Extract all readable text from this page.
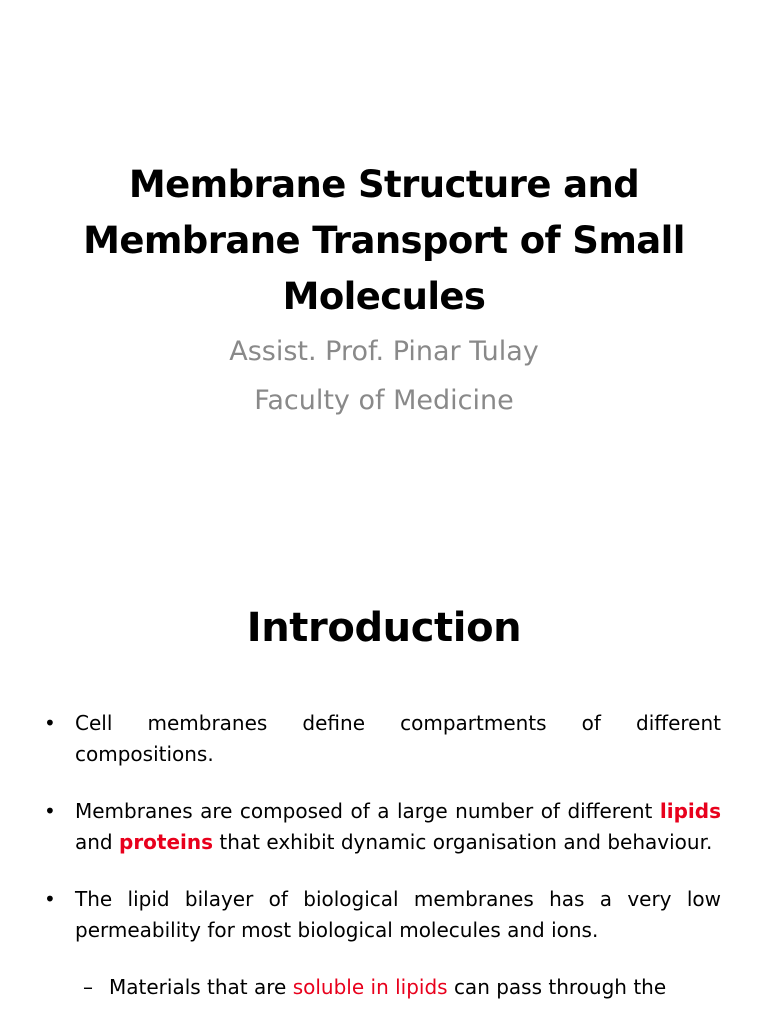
Membrane Structure and Membrane Transport of Small Molecules
Assist. Prof. Pinar Tulay
Faculty of Medicine
Introduction
• Cell membranes define compartments of different compositions.
• Membranes are composed of a large number of different lipids and proteins that exhibit dynamic organisation and behaviour.
• The lipid bilayer of biological membranes has a very low permeability for most biological molecules and ions.
– Materials that are soluble in lipids can pass through the
